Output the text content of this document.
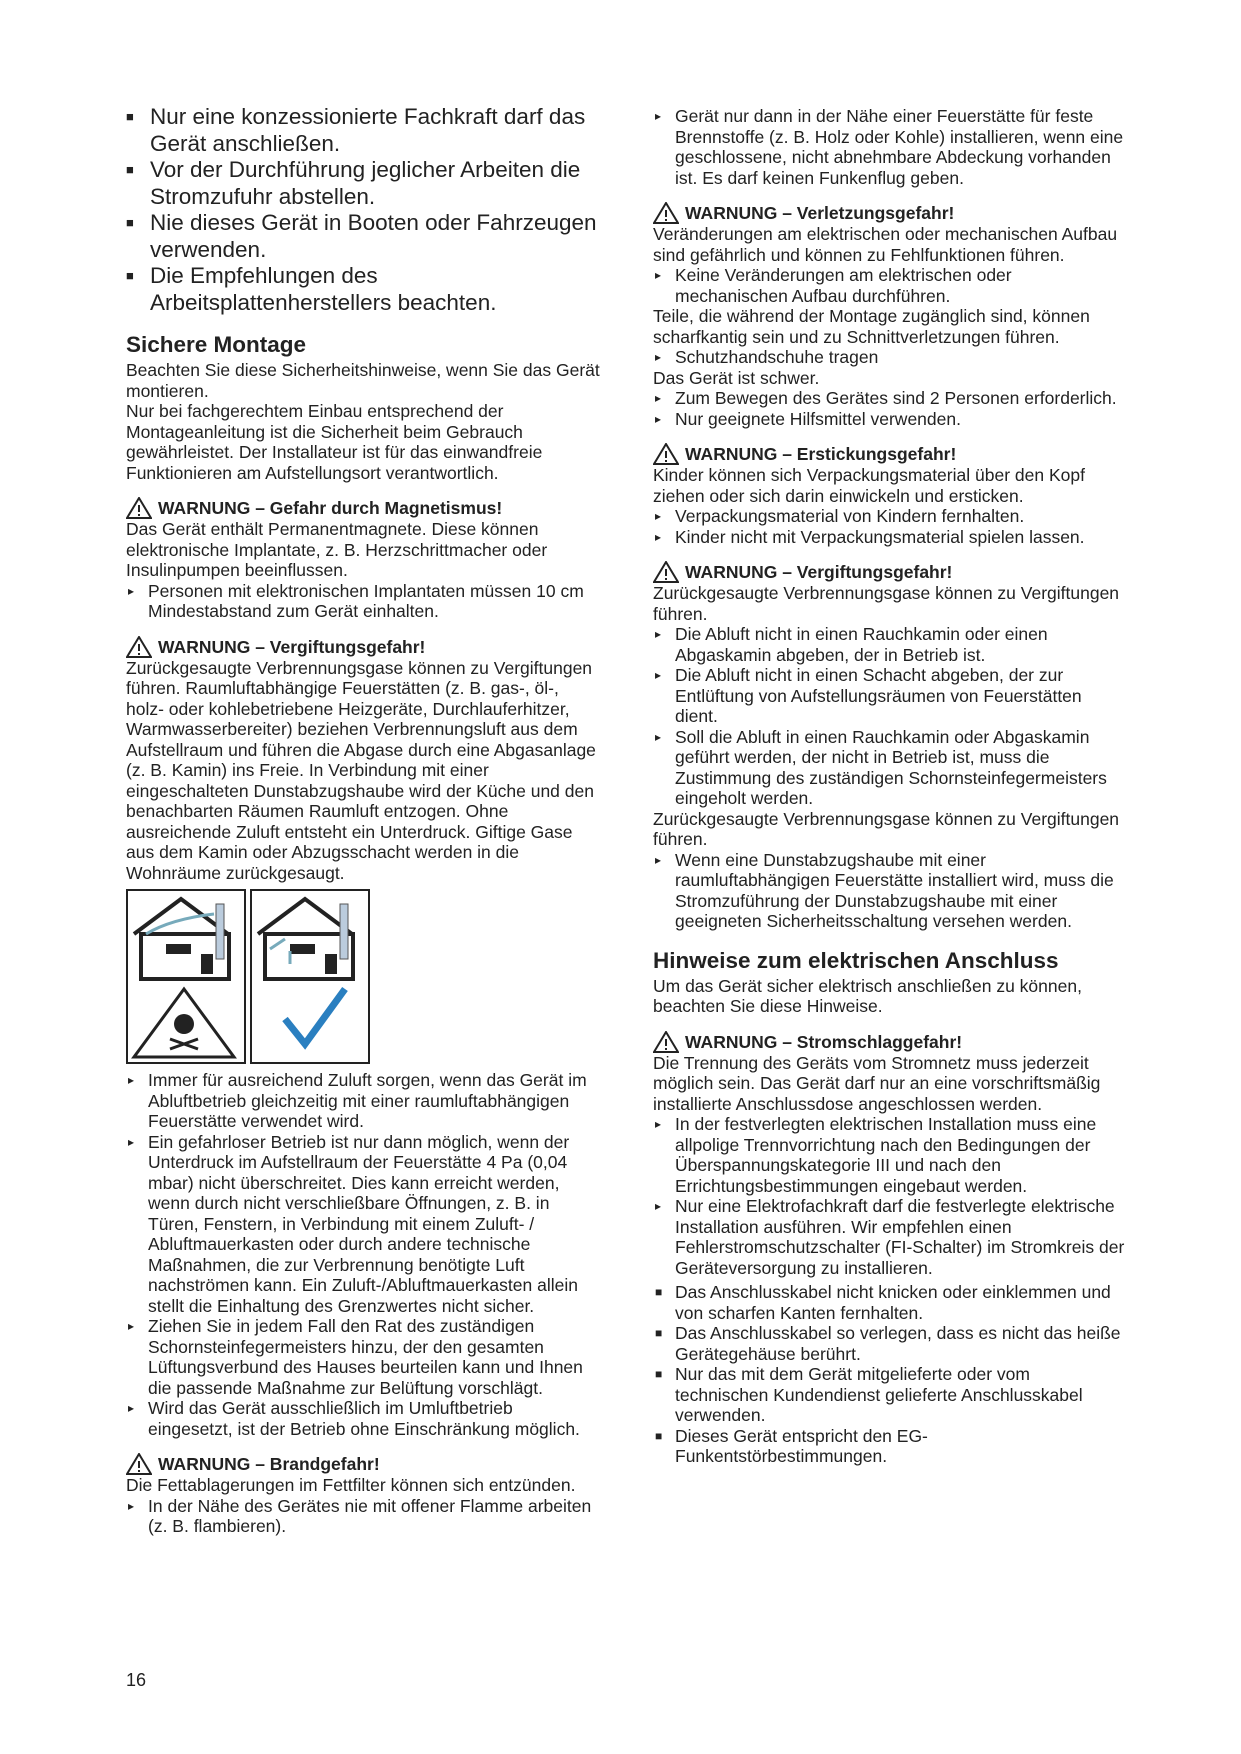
■ Nur eine konzessionierte Fachkraft darf das Gerät anschließen.
■ Vor der Durchführung jeglicher Arbeiten die Stromzufuhr abstellen.
■ Nie dieses Gerät in Booten oder Fahrzeugen verwenden.
■ Die Empfehlungen des Arbeitsplattenherstellers beachten.
Sichere Montage

Beachten Sie diese Sicherheitshinweise, wenn Sie das Gerät montieren.

Nur bei fachgerechtem Einbau entsprechend der Montageanleitung ist die Sicherheit beim Gebrauch gewährleistet. Der Installateur ist für das einwandfreie Funktionieren am Aufstellungsort verantwortlich.

WARNUNG – Gefahr durch Magnetismus!

Das Gerät enthält Permanentmagnete. Diese können elektronische Implantate, z. B. Herzschrittmacher oder Insulinpumpen beeinflussen.

▸ Personen mit elektronischen Implantaten müssen 10 cm Mindestabstand zum Gerät einhalten.
WARNUNG – Vergiftungsgefahr!

Zurückgesaugte Verbrennungsgase können zu Vergiftungen führen. Raumluftabhängige Feuerstätten (z. B. gas-, öl-, holz- oder kohlebetriebene Heizgeräte, Durchlauferhitzer, Warmwasserbereiter) beziehen Verbrennungsluft aus dem Aufstellraum und führen die Abgase durch eine Abgasanlage (z. B. Kamin) ins Freie. In Verbindung mit einer eingeschalteten Dunstabzugshaube wird der Küche und den benachbarten Räumen Raumluft entzogen. Ohne ausreichende Zuluft entsteht ein Unterdruck. Giftige Gase aus dem Kamin oder Abzugsschacht werden in die Wohnräume zurückgesaugt.

▸ Immer für ausreichend Zuluft sorgen, wenn das Gerät im Abluftbetrieb gleichzeitig mit einer raumluftabhängigen Feuerstätte verwendet wird.
▸ Ein gefahrloser Betrieb ist nur dann möglich, wenn der Unterdruck im Aufstellraum der Feuerstätte 4 Pa (0,04 mbar) nicht überschreitet. Dies kann erreicht werden, wenn durch nicht verschließbare Öffnungen, z. B. in Türen, Fenstern, in Verbindung mit einem Zuluft- / Abluftmauerkasten oder durch andere technische Maßnahmen, die zur Verbrennung benötigte Luft nachströmen kann. Ein Zuluft-/Abluftmauerkasten allein stellt die Einhaltung des Grenzwertes nicht sicher.
▸ Ziehen Sie in jedem Fall den Rat des zuständigen Schornsteinfegermeisters hinzu, der den gesamten Lüftungsverbund des Hauses beurteilen kann und Ihnen die passende Maßnahme zur Belüftung vorschlägt.
▸ Wird das Gerät ausschließlich im Umluftbetrieb eingesetzt, ist der Betrieb ohne Einschränkung möglich.
WARNUNG – Brandgefahr!

Die Fettablagerungen im Fettfilter können sich entzünden.

▸ In der Nähe des Gerätes nie mit offener Flamme arbeiten (z. B. flambieren).
▸ Gerät nur dann in der Nähe einer Feuerstätte für feste Brennstoffe (z. B. Holz oder Kohle) installieren, wenn eine geschlossene, nicht abnehmbare Abdeckung vorhanden ist. Es darf keinen Funkenflug geben.
WARNUNG – Verletzungsgefahr!

Veränderungen am elektrischen oder mechanischen Aufbau sind gefährlich und können zu Fehlfunktionen führen.

▸ Keine Veränderungen am elektrischen oder mechanischen Aufbau durchführen.

Teile, die während der Montage zugänglich sind, können scharfkantig sein und zu Schnittverletzungen führen.

▸ Schutzhandschuhe tragen

Das Gerät ist schwer.

▸ Zum Bewegen des Gerätes sind 2 Personen erforderlich.
▸ Nur geeignete Hilfsmittel verwenden.
WARNUNG – Erstickungsgefahr!

Kinder können sich Verpackungsmaterial über den Kopf ziehen oder sich darin einwickeln und ersticken.

▸ Verpackungsmaterial von Kindern fernhalten.
▸ Kinder nicht mit Verpackungsmaterial spielen lassen.
WARNUNG – Vergiftungsgefahr!

Zurückgesaugte Verbrennungsgase können zu Vergiftungen führen.

▸ Die Abluft nicht in einen Rauchkamin oder einen Abgaskamin abgeben, der in Betrieb ist.
▸ Die Abluft nicht in einen Schacht abgeben, der zur Entlüftung von Aufstellungsräumen von Feuerstätten dient.
▸ Soll die Abluft in einen Rauchkamin oder Abgaskamin geführt werden, der nicht in Betrieb ist, muss die Zustimmung des zuständigen Schornsteinfegermeisters eingeholt werden.

Zurückgesaugte Verbrennungsgase können zu Vergiftungen führen.

▸ Wenn eine Dunstabzugshaube mit einer raumluftabhängigen Feuerstätte installiert wird, muss die Stromzuführung der Dunstabzugshaube mit einer geeigneten Sicherheitsschaltung versehen werden.
Hinweise zum elektrischen Anschluss

Um das Gerät sicher elektrisch anschließen zu können, beachten Sie diese Hinweise.

WARNUNG – Stromschlaggefahr!

Die Trennung des Geräts vom Stromnetz muss jederzeit möglich sein. Das Gerät darf nur an eine vorschriftsmäßig installierte Anschlussdose angeschlossen werden.

▸ In der festverlegten elektrischen Installation muss eine allpolige Trennvorrichtung nach den Bedingungen der Überspannungskategorie III und nach den Errichtungsbestimmungen eingebaut werden.
▸ Nur eine Elektrofachkraft darf die festverlegte elektrische Installation ausführen. Wir empfehlen einen Fehlerstromschutzschalter (FI-Schalter) im Stromkreis der Geräteversorgung zu installieren.
■ Das Anschlusskabel nicht knicken oder einklemmen und von scharfen Kanten fernhalten.
■ Das Anschlusskabel so verlegen, dass es nicht das heiße Gerätegehäuse berührt.
■ Nur das mit dem Gerät mitgelieferte oder vom technischen Kundendienst gelieferte Anschlusskabel verwenden.
■ Dieses Gerät entspricht den EG-Funkentstörbestimmungen.
16
